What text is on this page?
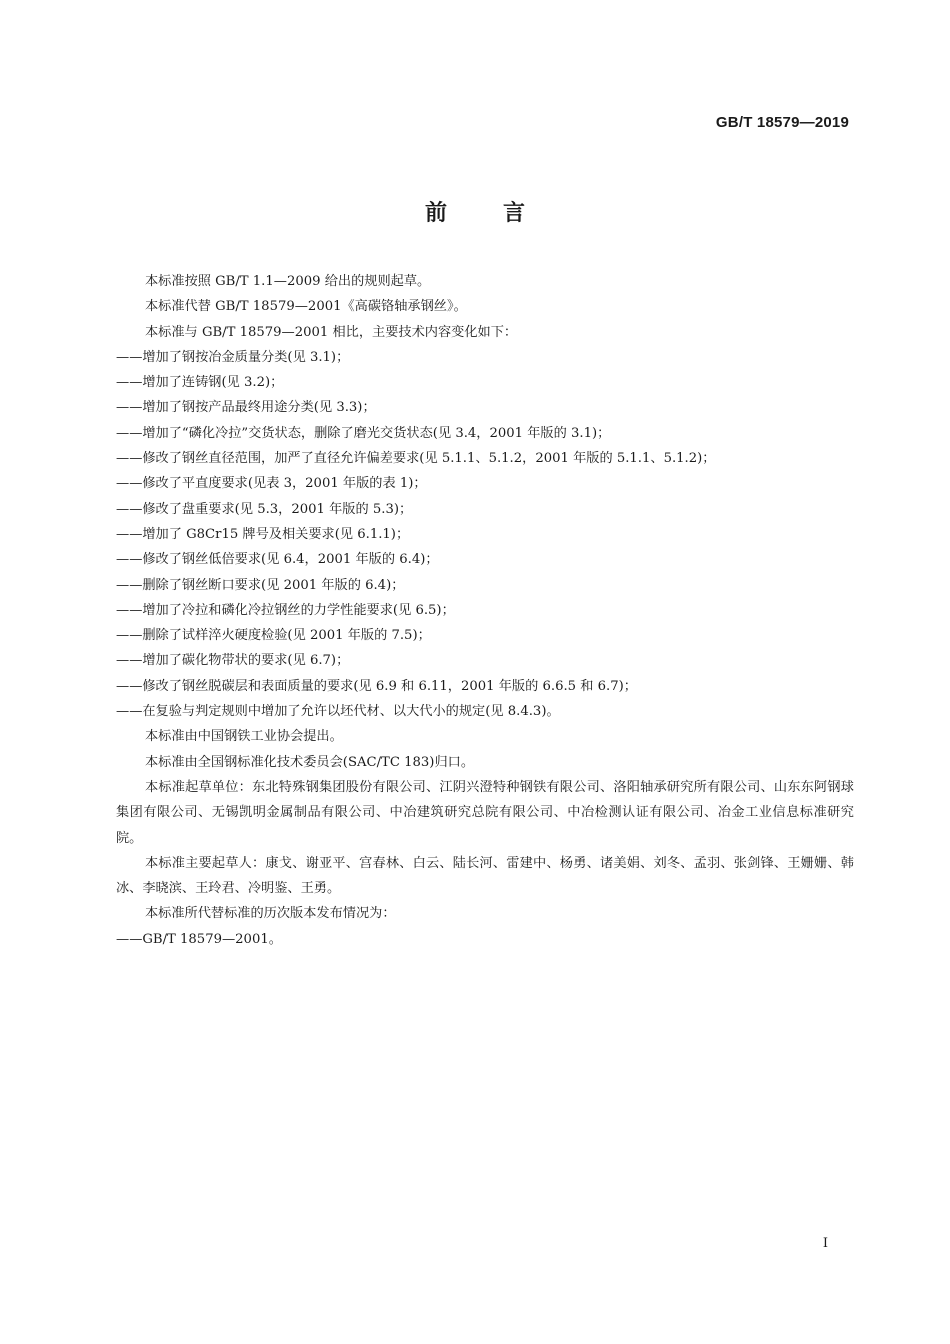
GB/T 18579—2019
前言

本标准按照 GB/T 1.1—2009 给出的规则起草。

本标准代替 GB/T 18579—2001《高碳铬轴承钢丝》。

本标准与 GB/T 18579—2001 相比，主要技术内容变化如下：

——增加了钢按冶金质量分类(见 3.1)；

——增加了连铸钢(见 3.2)；

——增加了钢按产品最终用途分类(见 3.3)；

——增加了“磷化冷拉”交货状态，删除了磨光交货状态(见 3.4，2001 年版的 3.1)；

——修改了钢丝直径范围，加严了直径允许偏差要求(见 5.1.1、5.1.2，2001 年版的 5.1.1、5.1.2)；

——修改了平直度要求(见表 3，2001 年版的表 1)；

——修改了盘重要求(见 5.3，2001 年版的 5.3)；

——增加了 G8Cr15 牌号及相关要求(见 6.1.1)；

——修改了钢丝低倍要求(见 6.4，2001 年版的 6.4)；

——删除了钢丝断口要求(见 2001 年版的 6.4)；

——增加了冷拉和磷化冷拉钢丝的力学性能要求(见 6.5)；

——删除了试样淬火硬度检验(见 2001 年版的 7.5)；

——增加了碳化物带状的要求(见 6.7)；

——修改了钢丝脱碳层和表面质量的要求(见 6.9 和 6.11，2001 年版的 6.6.5 和 6.7)；

——在复验与判定规则中增加了允许以坯代材、以大代小的规定(见 8.4.3)。

本标准由中国钢铁工业协会提出。

本标准由全国钢标准化技术委员会(SAC/TC 183)归口。

本标准起草单位：东北特殊钢集团股份有限公司、江阴兴澄特种钢铁有限公司、洛阳轴承研究所有限公司、山东东阿钢球集团有限公司、无锡凯明金属制品有限公司、中冶建筑研究总院有限公司、中冶检测认证有限公司、冶金工业信息标准研究院。

本标准主要起草人：康戈、谢亚平、宫春林、白云、陆长河、雷建中、杨勇、诸美娟、刘冬、孟羽、张剑锋、王姗姗、韩冰、李晓滨、王玲君、冷明鉴、王勇。

本标准所代替标准的历次版本发布情况为：

——GB/T 18579—2001。

I
